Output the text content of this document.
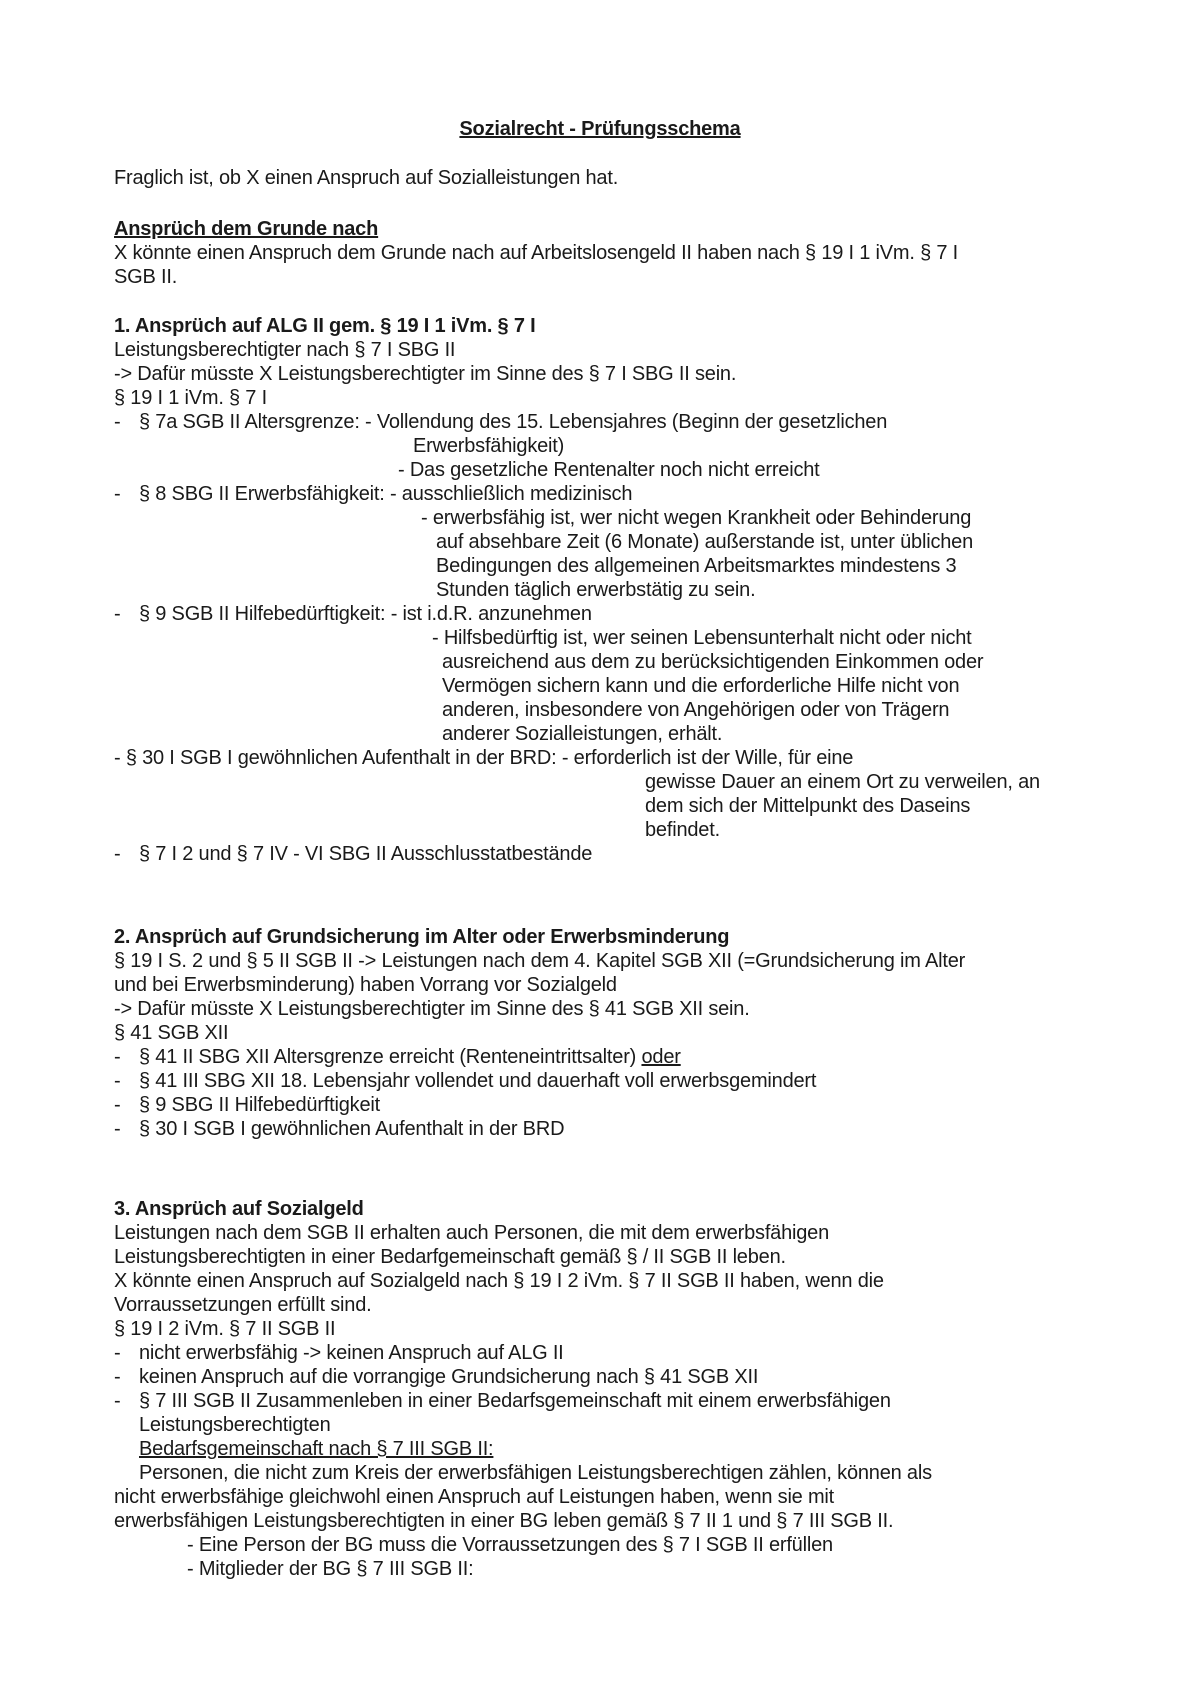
Sozialrecht - Prüfungsschema
Fraglich ist, ob X einen Anspruch auf Sozialleistungen hat.
Ansprüch dem Grunde nach
X könnte einen Anspruch dem Grunde nach auf Arbeitslosengeld II haben nach § 19 I 1 iVm. § 7 I
SGB II.
1. Ansprüch auf ALG II gem. § 19 I 1 iVm. § 7 I
Leistungsberechtigter nach § 7 I SBG II
-> Dafür müsste X Leistungsberechtigter im Sinne des § 7 I SBG II sein.
§ 19 I 1 iVm. § 7 I
- § 7a SGB II Altersgrenze: - Vollendung des 15. Lebensjahres (Beginn der gesetzlichen
Erwerbsfähigkeit)
- Das gesetzliche Rentenalter noch nicht erreicht
- § 8 SBG II Erwerbsfähigkeit: - ausschließlich medizinisch
- erwerbsfähig ist, wer nicht wegen Krankheit oder Behinderung
auf absehbare Zeit (6 Monate) außerstande ist, unter üblichen
Bedingungen des allgemeinen Arbeitsmarktes mindestens 3
Stunden täglich erwerbstätig zu sein.
- § 9 SGB II Hilfebedürftigkeit: - ist i.d.R. anzunehmen
- Hilfsbedürftig ist, wer seinen Lebensunterhalt nicht oder nicht
ausreichend aus dem zu berücksichtigenden Einkommen oder
Vermögen sichern kann und die erforderliche Hilfe nicht von
anderen, insbesondere von Angehörigen oder von Trägern
anderer Sozialleistungen, erhält.
- § 30 I SGB I gewöhnlichen Aufenthalt in der BRD: - erforderlich ist der Wille, für eine
gewisse Dauer an einem Ort zu verweilen, an
dem sich der Mittelpunkt des Daseins
befindet.
- § 7 I 2 und § 7 IV - VI SBG II Ausschlusstatbestände
2. Ansprüch auf Grundsicherung im Alter oder Erwerbsminderung
§ 19 I S. 2 und § 5 II SGB II -> Leistungen nach dem 4. Kapitel SGB XII (=Grundsicherung im Alter
und bei Erwerbsminderung) haben Vorrang vor Sozialgeld
-> Dafür müsste X Leistungsberechtigter im Sinne des § 41 SGB XII sein.
§ 41 SGB XII
- § 41 II SBG XII Altersgrenze erreicht (Renteneintrittsalter) oder
- § 41 III SBG XII 18. Lebensjahr vollendet und dauerhaft voll erwerbsgemindert
- § 9 SBG II Hilfebedürftigkeit
- § 30 I SGB I gewöhnlichen Aufenthalt in der BRD
3. Ansprüch auf Sozialgeld
Leistungen nach dem SGB II erhalten auch Personen, die mit dem erwerbsfähigen
Leistungsberechtigten in einer Bedarfgemeinschaft gemäß § / II SGB II leben.
X könnte einen Anspruch auf Sozialgeld nach § 19 I 2 iVm. § 7 II SGB II haben, wenn die
Vorraussetzungen erfüllt sind.
§ 19 I 2 iVm. § 7 II SGB II
- nicht erwerbsfähig -> keinen Anspruch auf ALG II
- keinen Anspruch auf die vorrangige Grundsicherung nach § 41 SGB XII
- § 7 III SGB II Zusammenleben in einer Bedarfsgemeinschaft mit einem erwerbsfähigen
Leistungsberechtigten
Bedarfsgemeinschaft nach § 7 III SGB II:
Personen, die nicht zum Kreis der erwerbsfähigen Leistungsberechtigen zählen, können als
nicht erwerbsfähige gleichwohl einen Anspruch auf Leistungen haben, wenn sie mit
erwerbsfähigen Leistungsberechtigten in einer BG leben gemäß § 7 II 1 und § 7 III SGB II.
- Eine Person der BG muss die Vorraussetzungen des § 7 I SGB II erfüllen
- Mitglieder der BG § 7 III SGB II:
